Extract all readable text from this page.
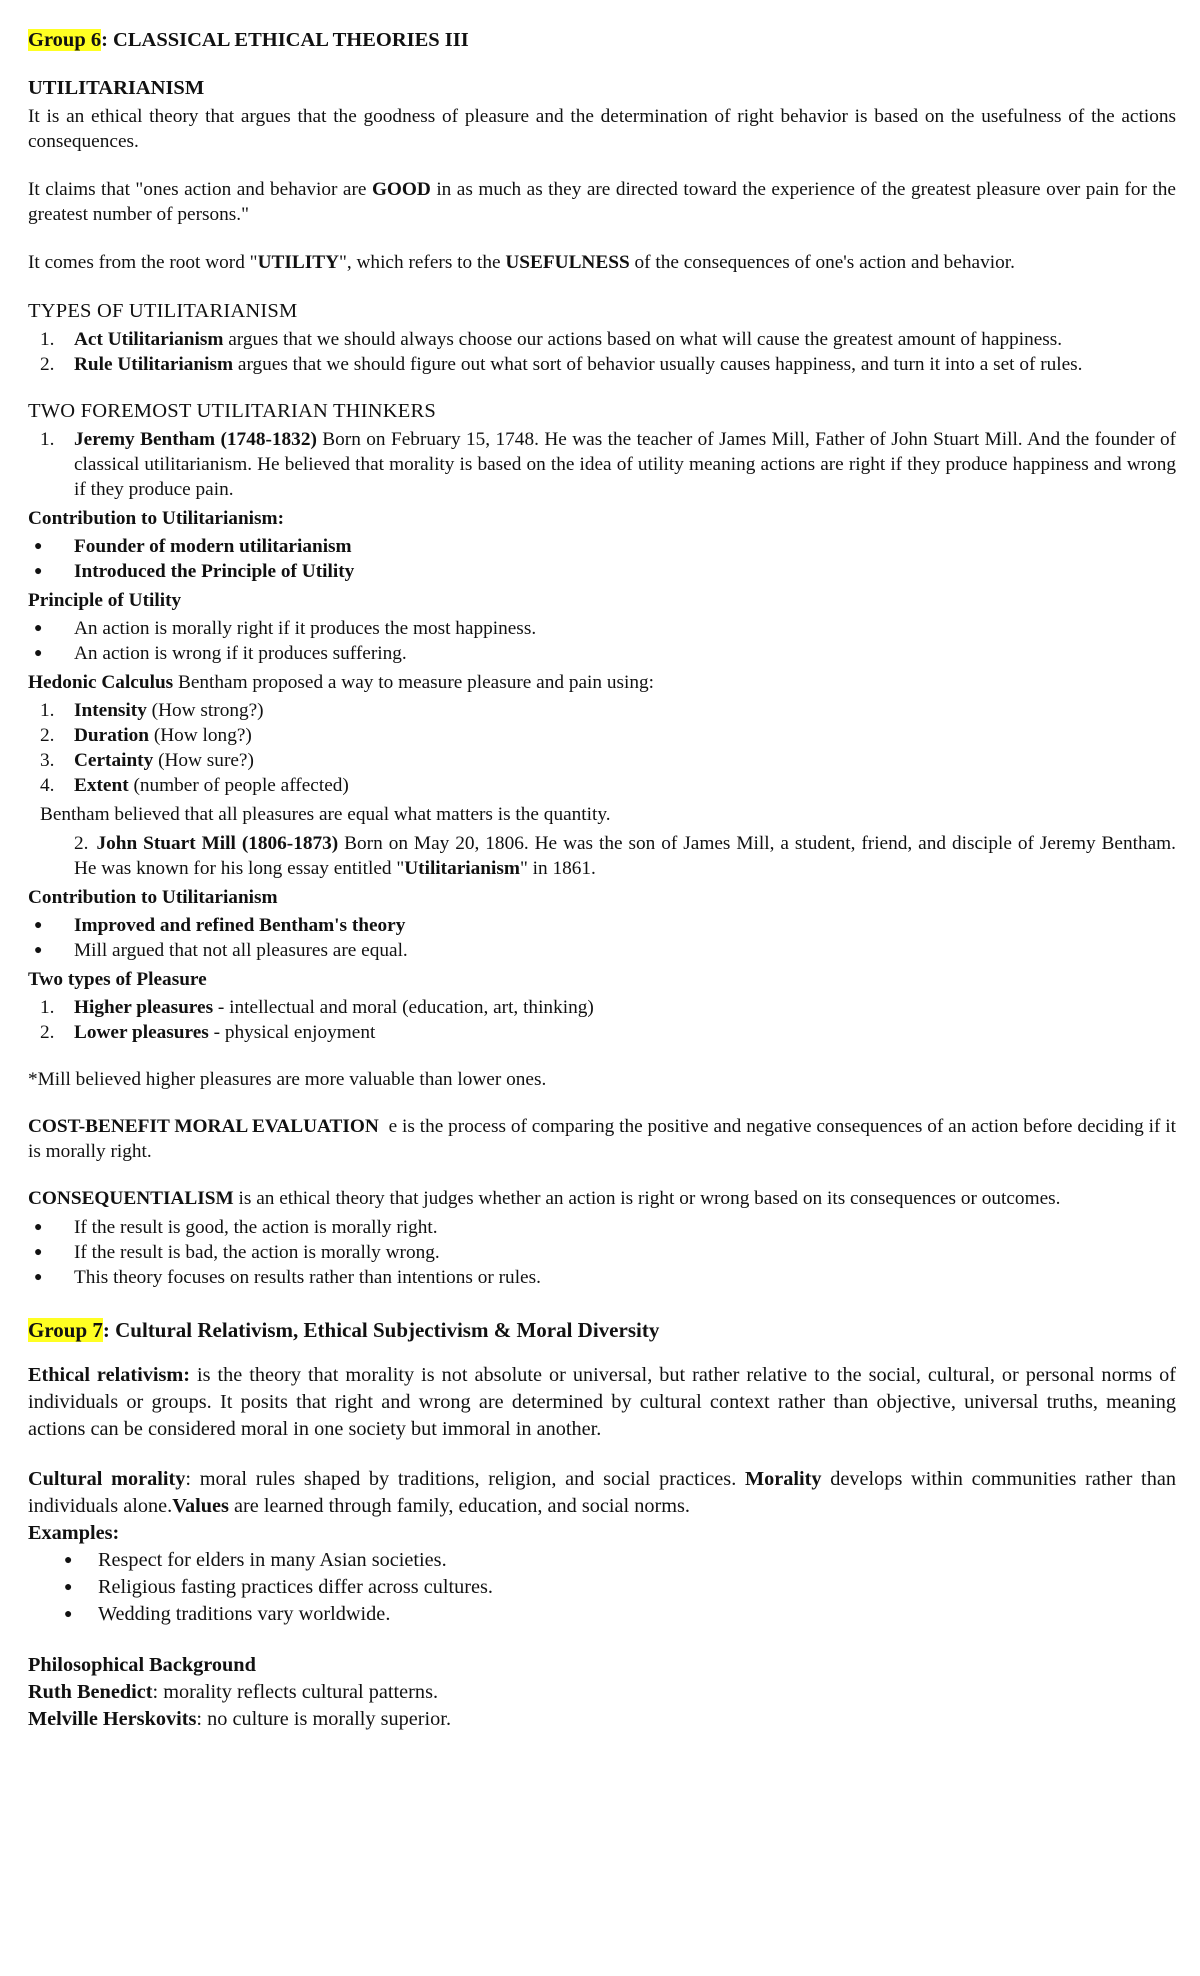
Group 6: CLASSICAL ETHICAL THEORIES III

UTILITARIANISM

It is an ethical theory that argues that the goodness of pleasure and the determination of right behavior is based on the usefulness of the actions consequences.

It claims that "ones action and behavior are GOOD in as much as they are directed toward the experience of the greatest pleasure over pain for the greatest number of persons."

It comes from the root word "UTILITY", which refers to the USEFULNESS of the consequences of one's action and behavior.

TYPES OF UTILITARIANISM

1. Act Utilitarianism argues that we should always choose our actions based on what will cause the greatest amount of happiness.
2. Rule Utilitarianism argues that we should figure out what sort of behavior usually causes happiness, and turn it into a set of rules.

TWO FOREMOST UTILITARIAN THINKERS

1. Jeremy Bentham (1748-1832) Born on February 15, 1748. He was the teacher of James Mill, Father of John Stuart Mill. And the founder of classical utilitarianism. He believed that morality is based on the idea of utility meaning actions are right if they produce happiness and wrong if they produce pain.

Contribution to Utilitarianism:

● Founder of modern utilitarianism
● Introduced the Principle of Utility

Principle of Utility

● An action is morally right if it produces the most happiness.
● An action is wrong if it produces suffering.

Hedonic Calculus Bentham proposed a way to measure pleasure and pain using:

1. Intensity (How strong?)
2. Duration (How long?)
3. Certainty (How sure?)
4. Extent (number of people affected)

Bentham believed that all pleasures are equal what matters is the quantity.

2. John Stuart Mill (1806-1873) Born on May 20, 1806. He was the son of James Mill, a student, friend, and disciple of Jeremy Bentham. He was known for his long essay entitled "Utilitarianism" in 1861.

Contribution to Utilitarianism

● Improved and refined Bentham's theory
● Mill argued that not all pleasures are equal.

Two types of Pleasure

1. Higher pleasures - intellectual and moral (education, art, thinking)
2. Lower pleasures - physical enjoyment

*Mill believed higher pleasures are more valuable than lower ones.

COST-BENEFIT MORAL EVALUATION  e is the process of comparing the positive and negative consequences of an action before deciding if it is morally right.

CONSEQUENTIALISM is an ethical theory that judges whether an action is right or wrong based on its consequences or outcomes.

● If the result is good, the action is morally right.
● If the result is bad, the action is morally wrong.
● This theory focuses on results rather than intentions or rules.

Group 7: Cultural Relativism, Ethical Subjectivism & Moral Diversity

Ethical relativism: is the theory that morality is not absolute or universal, but rather relative to the social, cultural, or personal norms of individuals or groups. It posits that right and wrong are determined by cultural context rather than objective, universal truths, meaning actions can be considered moral in one society but immoral in another.

Cultural morality: moral rules shaped by traditions, religion, and social practices. Morality develops within communities rather than individuals alone.Values are learned through family, education, and social norms.

Examples:

● Respect for elders in many Asian societies.
● Religious fasting practices differ across cultures.
● Wedding traditions vary worldwide.

Philosophical Background

Ruth Benedict: morality reflects cultural patterns.

Melville Herskovits: no culture is morally superior.
